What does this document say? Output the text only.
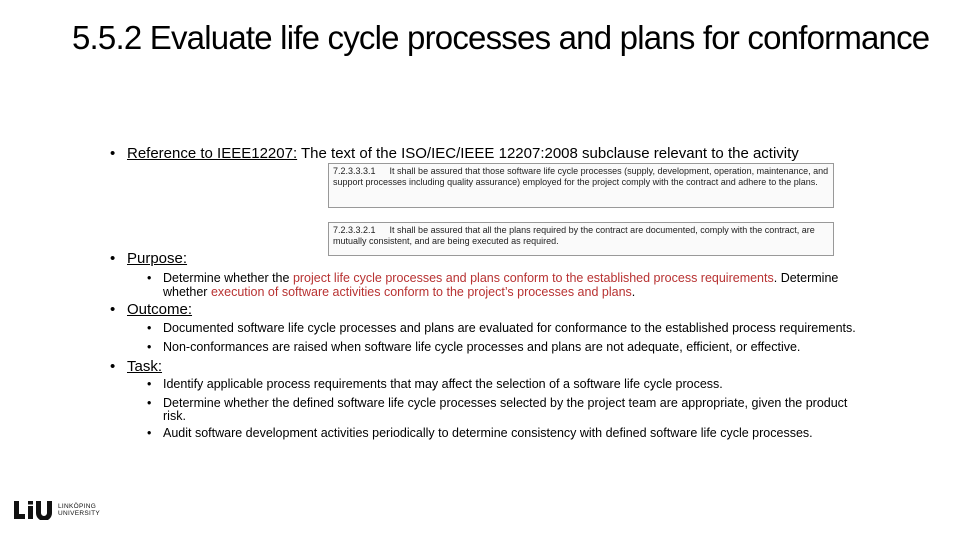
5.5.2 Evaluate life cycle processes and plans for conformance
• Reference to IEEE12207: The text of the ISO/IEC/IEEE 12207:2008 subclause relevant to the activity
7.2.3.3.3.1 It shall be assured that those software life cycle processes (supply, development, operation, maintenance, and support processes including quality assurance) employed for the project comply with the contract and adhere to the plans.
7.2.3.3.2.1 It shall be assured that all the plans required by the contract are documented, comply with the contract, are mutually consistent, and are being executed as required.
• Purpose:
• Determine whether the project life cycle processes and plans conform to the established process requirements. Determine
whether execution of software activities conform to the project’s processes and plans.
• Outcome:
• Documented software life cycle processes and plans are evaluated for conformance to the established process requirements.
• Non-conformances are raised when software life cycle processes and plans are not adequate, efficient, or effective.
• Task:
• Identify applicable process requirements that may affect the selection of a software life cycle process.
• Determine whether the defined software life cycle processes selected by the project team are appropriate, given the product
risk.
• Audit software development activities periodically to determine consistency with defined software life cycle processes.
LINKÖPING
UNIVERSITY
